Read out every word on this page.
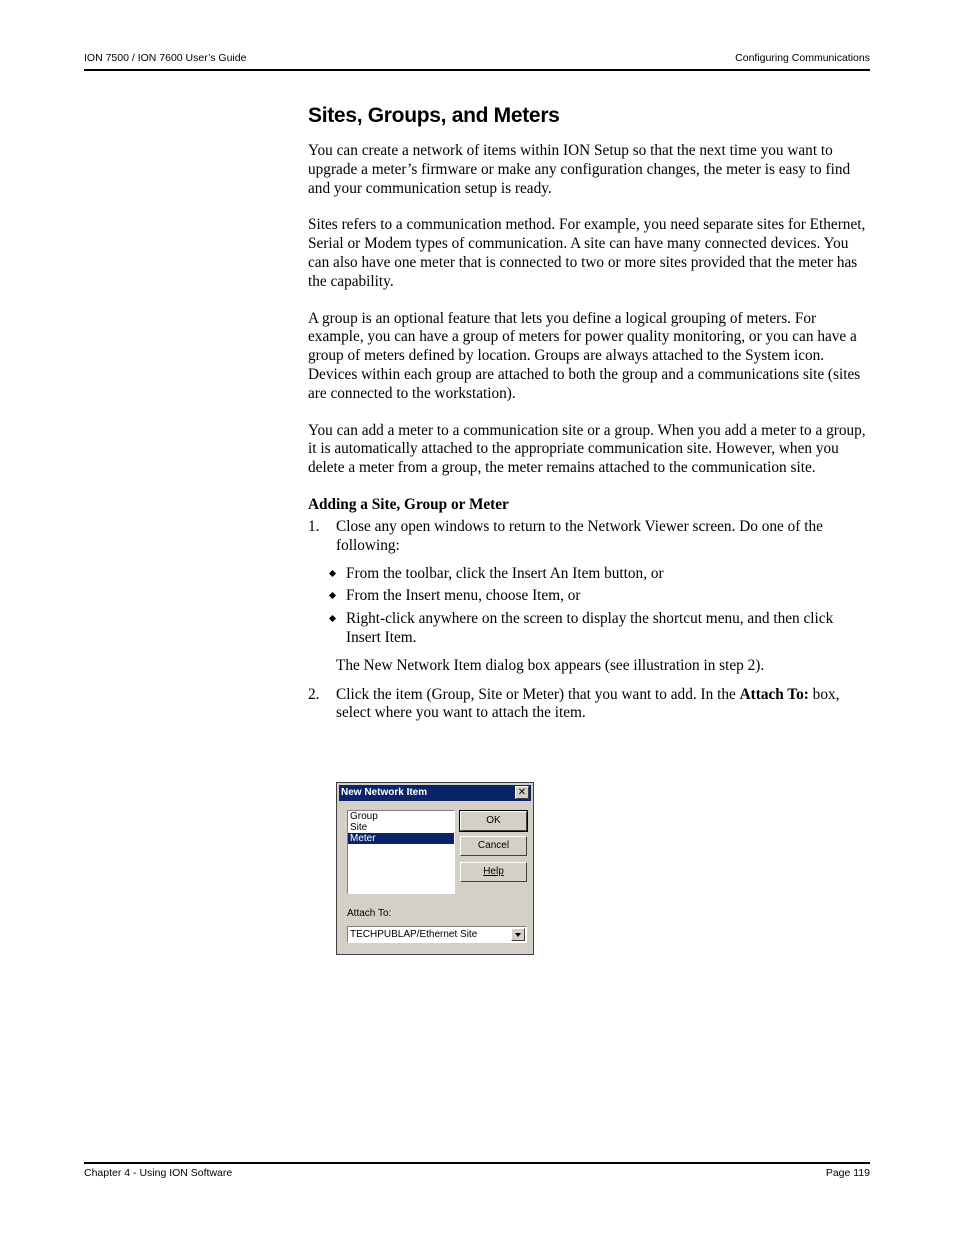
ION 7500 / ION 7600 User’s Guide	Configuring Communications
Sites, Groups, and Meters

You can create a network of items within ION Setup so that the next time you want to upgrade a meter’s firmware or make any configuration changes, the meter is easy to find and your communication setup is ready.

Sites refers to a communication method. For example, you need separate sites for Ethernet, Serial or Modem types of communication. A site can have many connected devices. You can also have one meter that is connected to two or more sites provided that the meter has the capability.

A group is an optional feature that lets you define a logical grouping of meters. For example, you can have a group of meters for power quality monitoring, or you can have a group of meters defined by location. Groups are always attached to the System icon. Devices within each group are attached to both the group and a communications site (sites are connected to the workstation).

You can add a meter to a communication site or a group. When you add a meter to a group, it is automatically attached to the appropriate communication site. However, when you delete a meter from a group, the meter remains attached to the communication site.

Adding a Site, Group or Meter
1. Close any open windows to return to the Network Viewer screen. Do one of the following:
From the toolbar, click the Insert An Item button, or
From the Insert menu, choose Item, or
Right-click anywhere on the screen to display the shortcut menu, and then click Insert Item.
The New Network Item dialog box appears (see illustration in step 2).
2. Click the item (Group, Site or Meter) that you want to add. In the Attach To: box, select where you want to attach the item.
New Network Item	✕
Group
Site
Meter
OK
Cancel
Help
Attach To:
TECHPUBLAP/Ethernet Site
Chapter 4 - Using ION Software	Page 119
